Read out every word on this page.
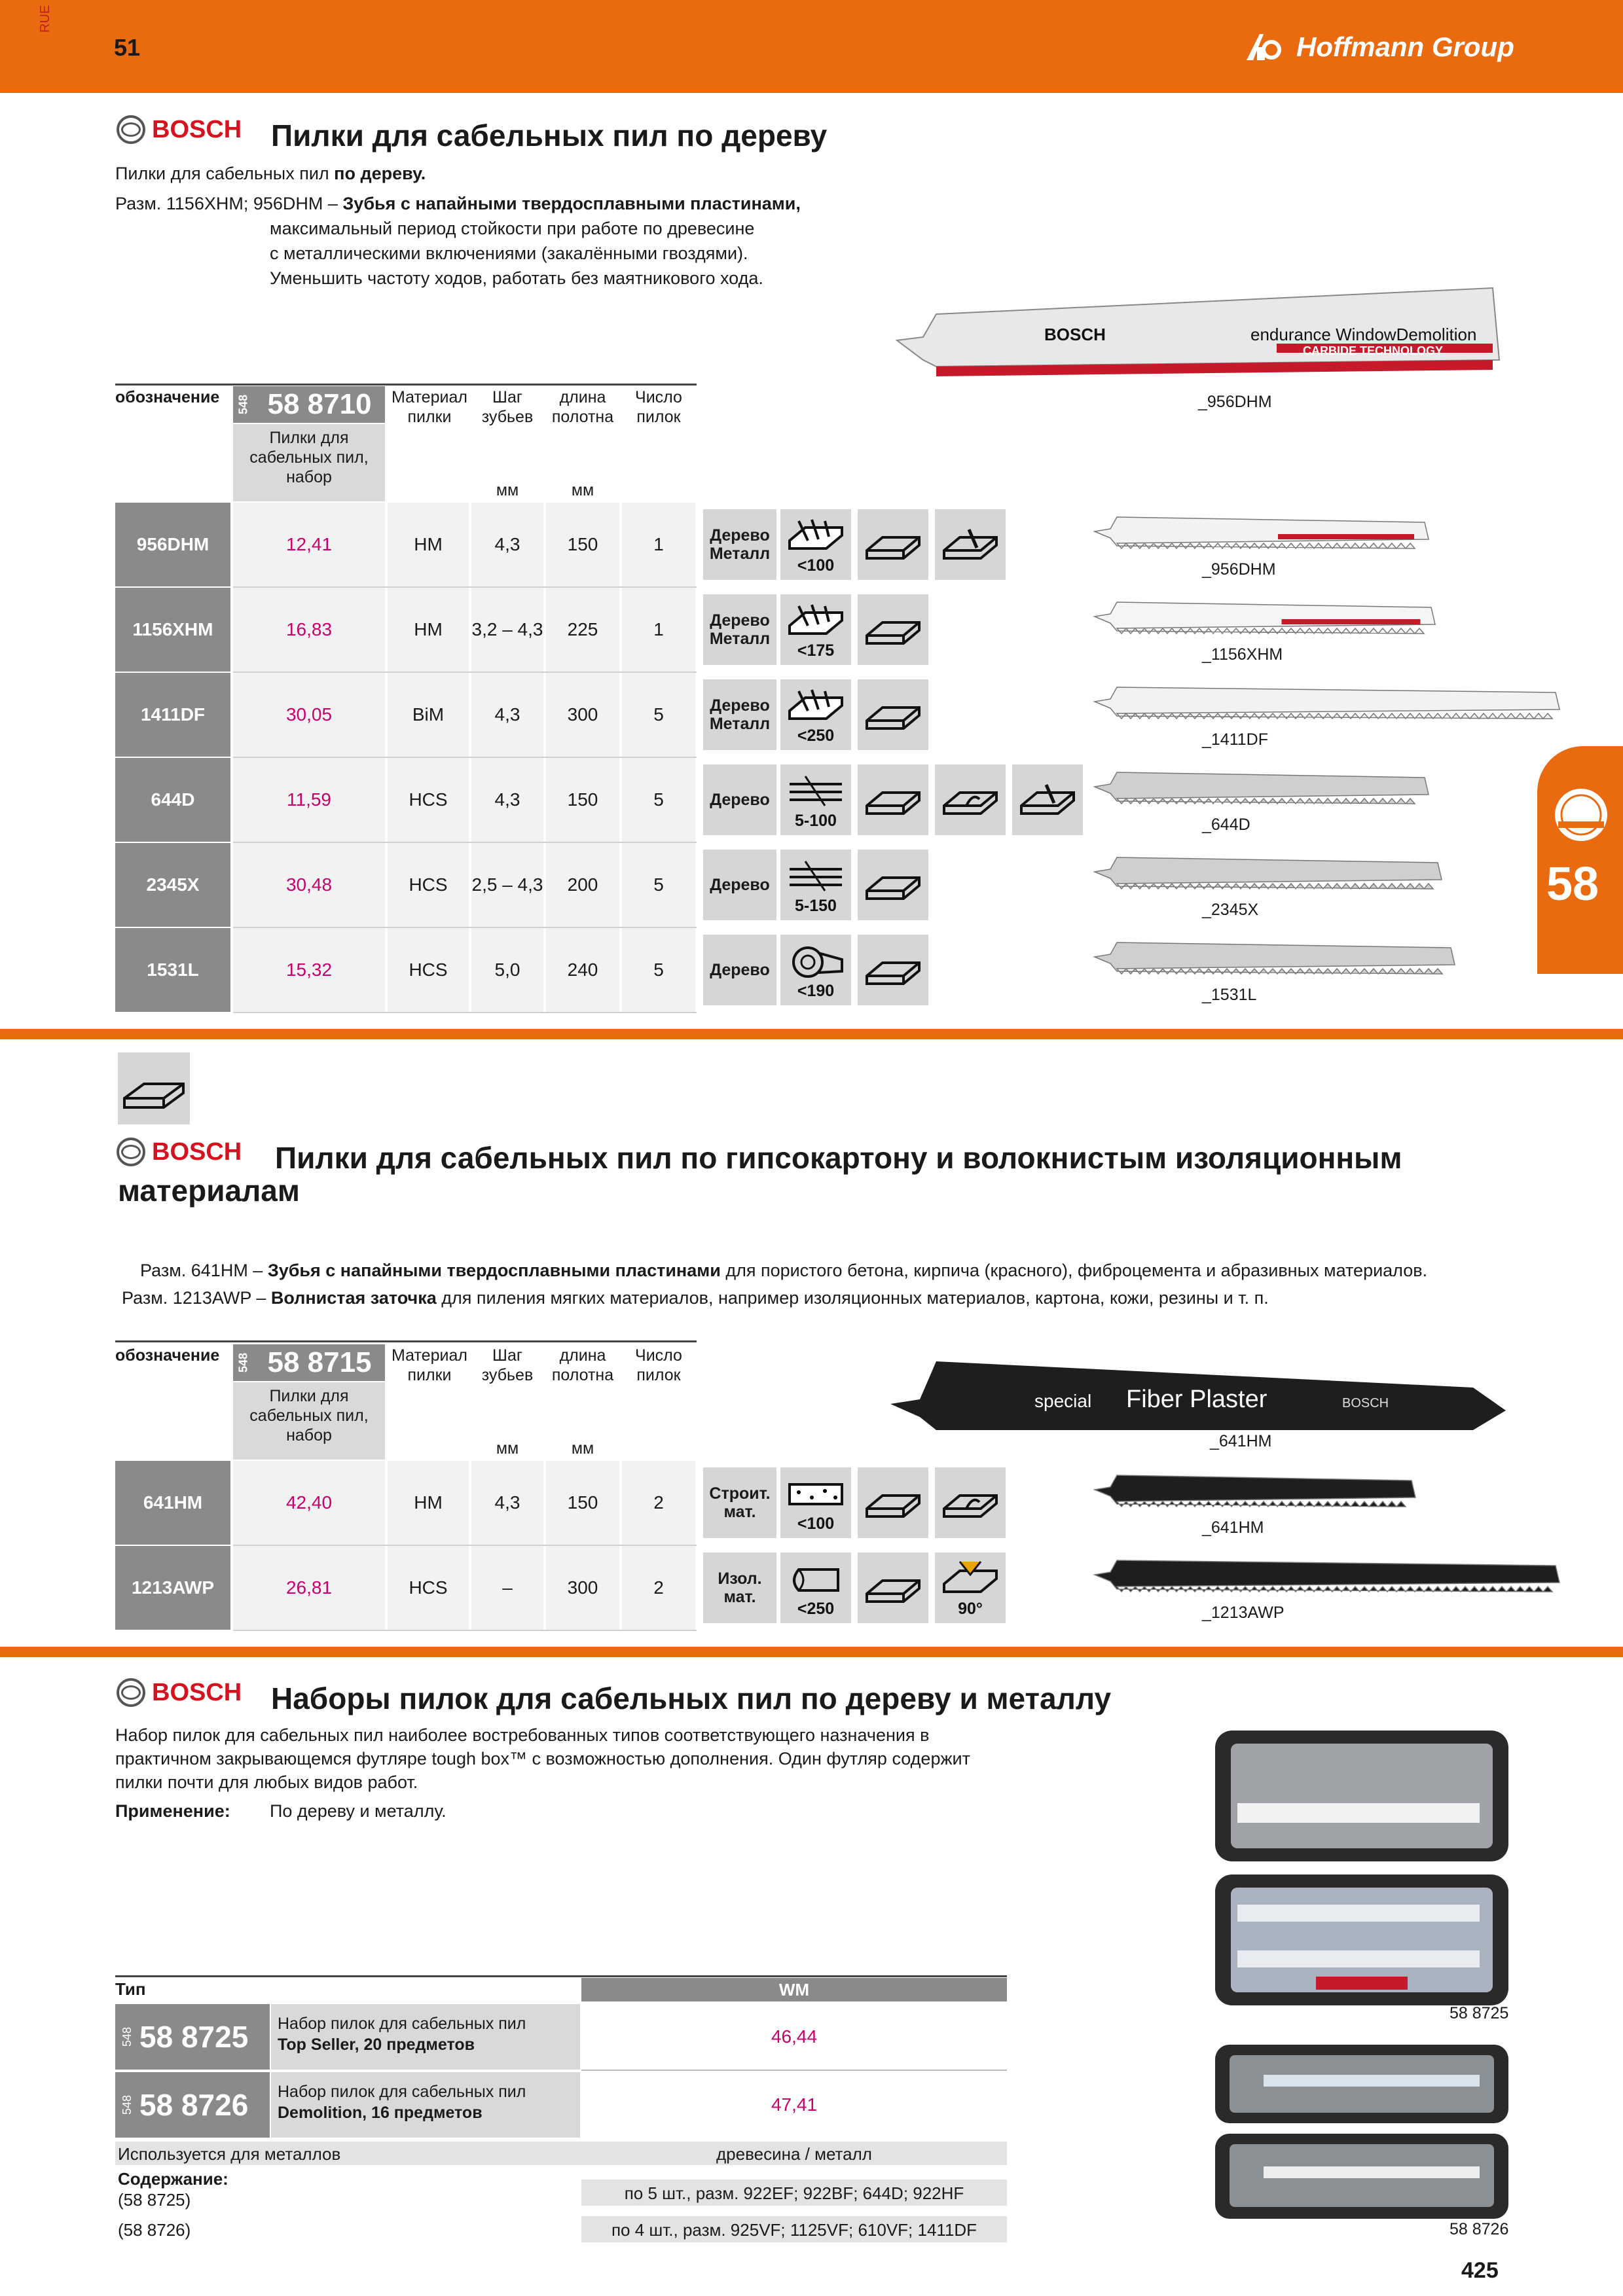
RUE
51	Hoffmann Group
58
BOSCH Пилки для сабельных пил по дереву
Пилки для сабельных пил по дереву.
Разм. 1156XHM; 956DHM – Зубья с напайными твердосплавными пластинами,
максимальный период стойкости при работе по древесине
с металлическими включениями (закалёнными гвоздями).
Уменьшить частоту ходов, работать без маятникового хода.
BOSCH	endurance WindowDemolition
CARBIDE TECHNOLOGY
_956DHM
обозначение	548 58 8710
Пилки для сабельных пил, набор
Материал пилки
Шаг зубьев
длина полотна
Число пилок
мм	мм
956DHM	12,41	HM	4,3	150	1	Дерево Металл
<100	_956DHM
1156XHM	16,83	HM	3,2 – 4,3	225	1	Дерево Металл
<175	_1156XHM
1411DF	30,05	BiM	4,3	300	5	Дерево Металл
<250	_1411DF
644D	11,59	HCS	4,3	150	5	Дерево
5-100	_644D
2345X	30,48	HCS	2,5 – 4,3	200	5	Дерево
5-150	_2345X
1531L	15,32	HCS	5,0	240	5	Дерево
<190	_1531L
BOSCH Пилки для сабельных пил по гипсокартону и волокнистым изоляционным
материалам
Разм. 641HM – Зубья с напайными твердосплавными пластинами для пористого бетона, кирпича (красного), фиброцемента и абразивных материалов.
Разм. 1213AWP – Волнистая заточка для пиления мягких материалов, например изоляционных материалов, картона, кожи, резины и т. п.
special Fiber Plaster	BOSCH
_641HM
обозначение	548 58 8715
Пилки для сабельных пил, набор
Материал пилки
Шаг зубьев
длина полотна
Число пилок
мм	мм
641HM	42,40	HM	4,3	150	2	Строит. мат.
<100	_641HM
1213AWP	26,81	HCS	–	300	2	Изол. мат.
<250	90°	_1213AWP
BOSCH Наборы пилок для сабельных пил по дереву и металлу
Набор пилок для сабельных пил наиболее востребованных типов соответствующего назначения в
практичном закрывающемся футляре tough box™ с возможностью дополнения. Один футляр содержит
пилки почти для любых видов работ.
Применение: По дереву и металлу.
Тип	WM
548 58 8725 Набор пилок для сабельных пил
Top Seller, 20 предметов	46,44
548 58 8726 Набор пилок для сабельных пил
Demolition, 16 предметов	47,41
Используется для металлов	древесина / металл
Содержание:
(58 8725)	по 5 шт., разм. 922EF; 922BF; 644D; 922HF
(58 8726)	по 4 шт., разм. 925VF; 1125VF; 610VF; 1411DF
58 8725
58 8726
425
